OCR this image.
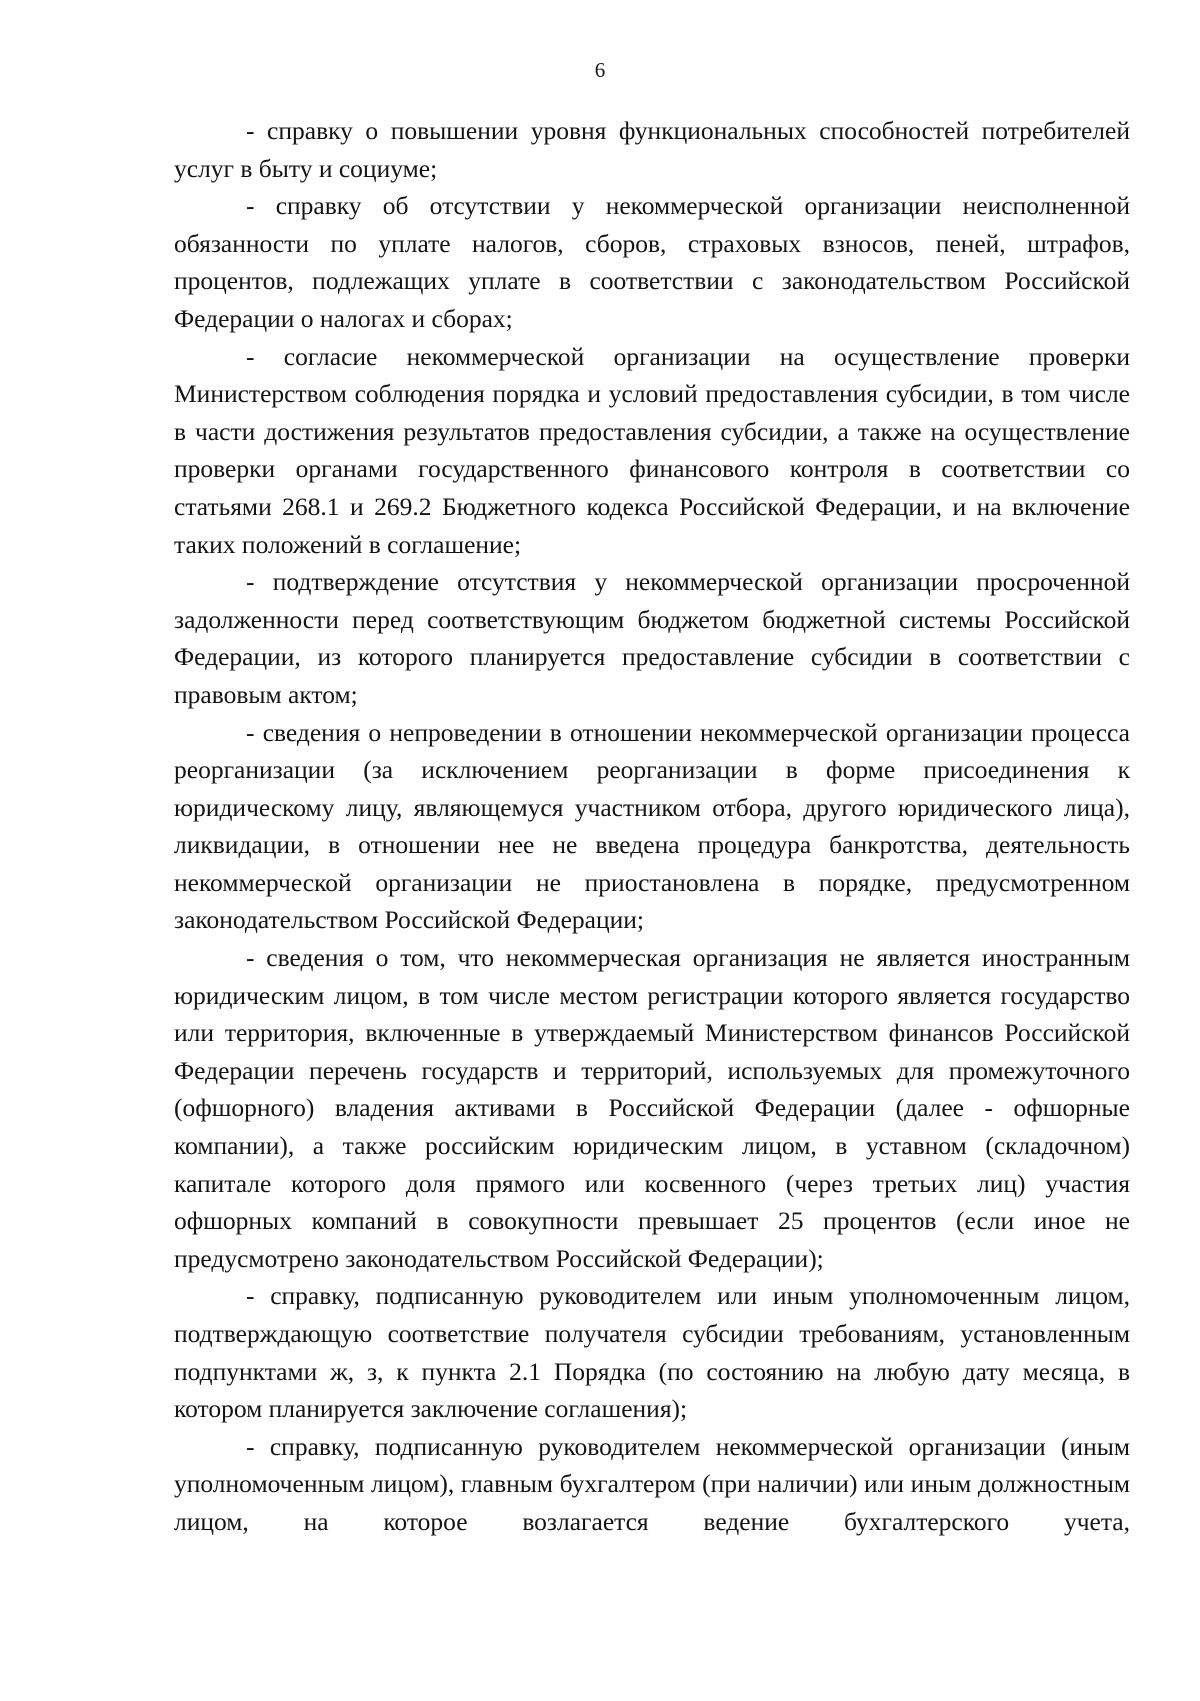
6

- справку о повышении уровня функциональных способностей потребителей услуг в быту и социуме;

- справку об отсутствии у некоммерческой организации неисполненной обязанности по уплате налогов, сборов, страховых взносов, пеней, штрафов, процентов, подлежащих уплате в соответствии с законодательством Российской Федерации о налогах и сборах;

- согласие некоммерческой организации на осуществление проверки Министерством соблюдения порядка и условий предоставления субсидии, в том числе в части достижения результатов предоставления субсидии, а также на осуществление проверки органами государственного финансового контроля в соответствии со статьями 268.1 и 269.2 Бюджетного кодекса Российской Федерации, и на включение таких положений в соглашение;

- подтверждение отсутствия у некоммерческой организации просроченной задолженности перед соответствующим бюджетом бюджетной системы Российской Федерации, из которого планируется предоставление субсидии в соответствии с правовым актом;

- сведения о непроведении в отношении некоммерческой организации процесса реорганизации (за исключением реорганизации в форме присоединения к юридическому лицу, являющемуся участником отбора, другого юридического лица), ликвидации, в отношении нее не введена процедура банкротства, деятельность некоммерческой организации не приостановлена в порядке, предусмотренном законодательством Российской Федерации;

- сведения о том, что некоммерческая организация не является иностранным юридическим лицом, в том числе местом регистрации которого является государство или территория, включенные в утверждаемый Министерством финансов Российской Федерации перечень государств и территорий, используемых для промежуточного (офшорного) владения активами в Российской Федерации (далее - офшорные компании), а также российским юридическим лицом, в уставном (складочном) капитале которого доля прямого или косвенного (через третьих лиц) участия офшорных компаний в совокупности превышает 25 процентов (если иное не предусмотрено законодательством Российской Федерации);

- справку, подписанную руководителем или иным уполномоченным лицом, подтверждающую соответствие получателя субсидии требованиям, установленным подпунктами ж, з, к пункта 2.1 Порядка (по состоянию на любую дату месяца, в котором планируется заключение соглашения);

- справку, подписанную руководителем некоммерческой организации (иным уполномоченным лицом), главным бухгалтером (при наличии) или иным должностным лицом, на которое возлагается ведение бухгалтерского учета,
